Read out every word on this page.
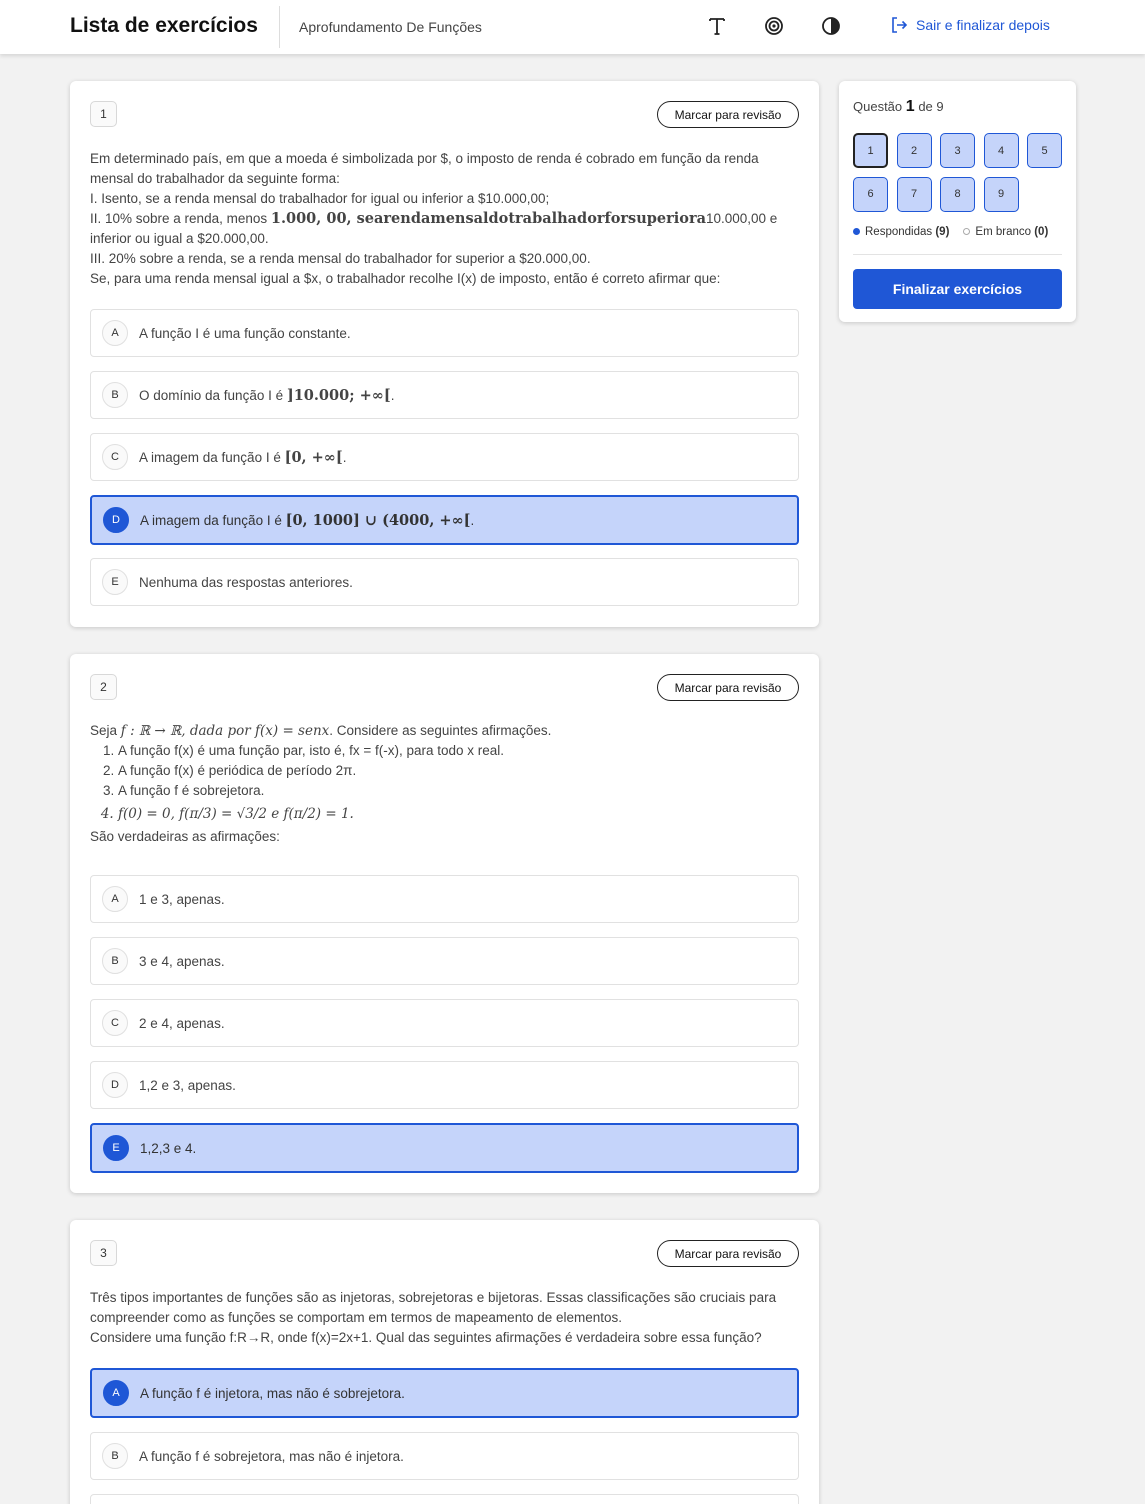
Lista de exercícios	Aprofundamento De Funções	Sair e finalizar depois
1	Marcar para revisão

Em determinado país, em que a moeda é simbolizada por $, o imposto de renda é cobrado em função da renda mensal do trabalhador da seguinte forma:

I. Isento, se a renda mensal do trabalhador for igual ou inferior a $10.000,00;

II. 10% sobre a renda, menos 1.000, 00, searendamensaldotrabalhadorforsuperiora10.000,00 e inferior ou igual a $20.000,00.

III. 20% sobre a renda, se a renda mensal do trabalhador for superior a $20.000,00.

Se, para uma renda mensal igual a $x, o trabalhador recolhe I(x) de imposto, então é correto afirmar que:

A	A função I é uma função constante.
B	O domínio da função I é ]10.000; +∞[.
C	A imagem da função I é [0, +∞[.
D	A imagem da função I é [0, 1000] ∪ (4000, +∞[.
E	Nenhuma das respostas anteriores.
2	Marcar para revisão

Seja f : ℝ → ℝ, dada por f(x) = senx. Considere as seguintes afirmações.

1. A função f(x) é uma função par, isto é, fx = f(-x), para todo x real.
2. A função f(x) é periódica de período 2π.
3. A função f é sobrejetora.
4. f(0) = 0, f(π/3) = √3/2 e f(π/2) = 1.

São verdadeiras as afirmações:

A	1 e 3, apenas.
B	3 e 4, apenas.
C	2 e 4, apenas.
D	1,2 e 3, apenas.
E	1,2,3 e 4.
3	Marcar para revisão

Três tipos importantes de funções são as injetoras, sobrejetoras e bijetoras. Essas classificações são cruciais para compreender como as funções se comportam em termos de mapeamento de elementos.

Considere uma função f:R→R, onde f(x)=2x+1. Qual das seguintes afirmações é verdadeira sobre essa função?

A	A função f é injetora, mas não é sobrejetora.
B	A função f é sobrejetora, mas não é injetora.
Questão 1 de 9
1	2	3	4	5
6	7	8	9
Respondidas (9)	Em branco (0)
Finalizar exercícios
